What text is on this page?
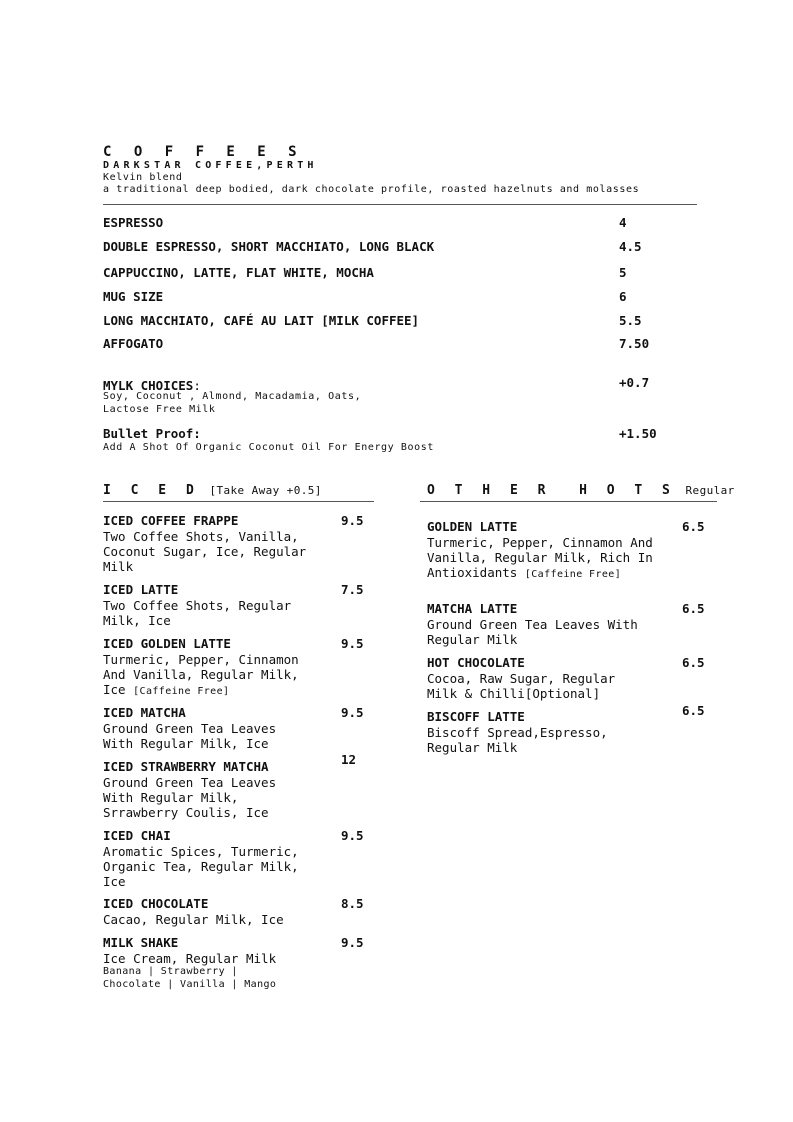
C O F F E E S
DARKSTAR COFFEE,PERTH
Kelvin blend
a traditional deep bodied, dark chocolate profile, roasted hazelnuts and molasses
ESPRESSO	4
DOUBLE ESPRESSO, SHORT MACCHIATO, LONG BLACK	4.5
CAPPUCCINO, LATTE, FLAT WHITE, MOCHA	5
MUG SIZE	6
LONG MACCHIATO, CAFÉ AU LAIT [MILK COFFEE]	5.5
AFFOGATO	7.50
MYLK CHOICES:	+0.7
Soy, Coconut , Almond, Macadamia, Oats,
Lactose Free Milk
Bullet Proof:	+1.50
Add A Shot Of Organic Coconut Oil For Energy Boost
I C E D [Take Away +0.5]
ICED COFFEE FRAPPE	9.5
Two Coffee Shots, Vanilla, Coconut Sugar, Ice, Regular Milk
ICED LATTE	7.5
Two Coffee Shots, Regular Milk, Ice
ICED GOLDEN LATTE	9.5
Turmeric, Pepper, Cinnamon And Vanilla, Regular Milk, Ice [Caffeine Free]
ICED MATCHA	9.5
Ground Green Tea Leaves With Regular Milk, Ice
ICED STRAWBERRY MATCHA	12
Ground Green Tea Leaves With Regular Milk, Srrawberry Coulis, Ice
ICED CHAI	9.5
Aromatic Spices, Turmeric, Organic Tea, Regular Milk, Ice
ICED CHOCOLATE	8.5
Cacao, Regular Milk, Ice
MILK SHAKE	9.5
Ice Cream, Regular Milk
Banana | Strawberry |
Chocolate | Vanilla | Mango
O T H E R  H O T S Regular
GOLDEN LATTE	6.5
Turmeric, Pepper, Cinnamon And Vanilla, Regular Milk, Rich In Antioxidants [Caffeine Free]
MATCHA LATTE	6.5
Ground Green Tea Leaves With Regular Milk
HOT CHOCOLATE	6.5
Cocoa, Raw Sugar, Regular Milk & Chilli[Optional]
BISCOFF LATTE	6.5
Biscoff Spread,Espresso, Regular Milk
